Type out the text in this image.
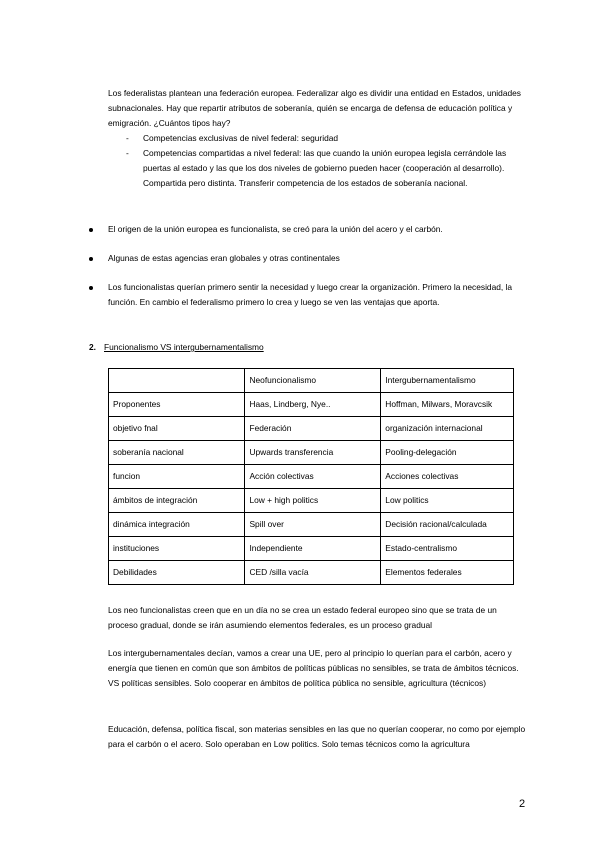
Los federalistas plantean una federación europea. Federalizar algo es dividir una entidad en Estados, unidades subnacionales. Hay que repartir atributos de soberanía, quién se encarga de defensa de educación política y emigración. ¿Cuántos tipos hay?

- Competencias exclusivas de nivel federal: seguridad
- Competencias compartidas a nivel federal: las que cuando la unión europea legisla cerrándole las puertas al estado y las que los dos niveles de gobierno pueden hacer (cooperación al desarrollo).

Compartida pero distinta. Transferir competencia de los estados de soberanía nacional.

El origen de la unión europea es funcionalista, se creó para la unión del acero y el carbón.

Algunas de estas agencias eran globales y otras continentales

Los funcionalistas querían primero sentir la necesidad y luego crear la organización. Primero la necesidad, la función. En cambio el federalismo primero lo crea y luego se ven las ventajas que aporta.

2. Funcionalismo VS intergubernamentalismo
	Neofuncionalismo	Intergubernamentalismo
Proponentes	Haas, Lindberg, Nye..	Hoffman, Milwars, Moravcsik
objetivo fnal	Federación	organización internacional
soberanía nacional	Upwards transferencia	Pooling-delegación
funcion	Acción colectivas	Acciones colectivas
ámbitos de integración	Low + high politics	Low politics
dinámica integración	Spill over	Decisión racional/calculada
instituciones	Independiente	Estado-centralismo
Debilidades	CED /silla vacía	Elementos federales

Los neo funcionalistas creen que en un día no se crea un estado federal europeo sino que se trata de un proceso gradual, donde se irán asumiendo elementos federales, es un proceso gradual

Los intergubernamentales decían, vamos a crear una UE, pero al principio lo querían para el carbón, acero y energía que tienen en común que son ámbitos de políticas públicas no sensibles, se trata de ámbitos técnicos. VS políticas sensibles. Solo cooperar en ámbitos de política pública no sensible, agricultura (técnicos)

Educación, defensa, política fiscal, son materias sensibles en las que no querían cooperar, no como por ejemplo para el carbón o el acero. Solo operaban en Low politics. Solo temas técnicos como la agricultura

2
